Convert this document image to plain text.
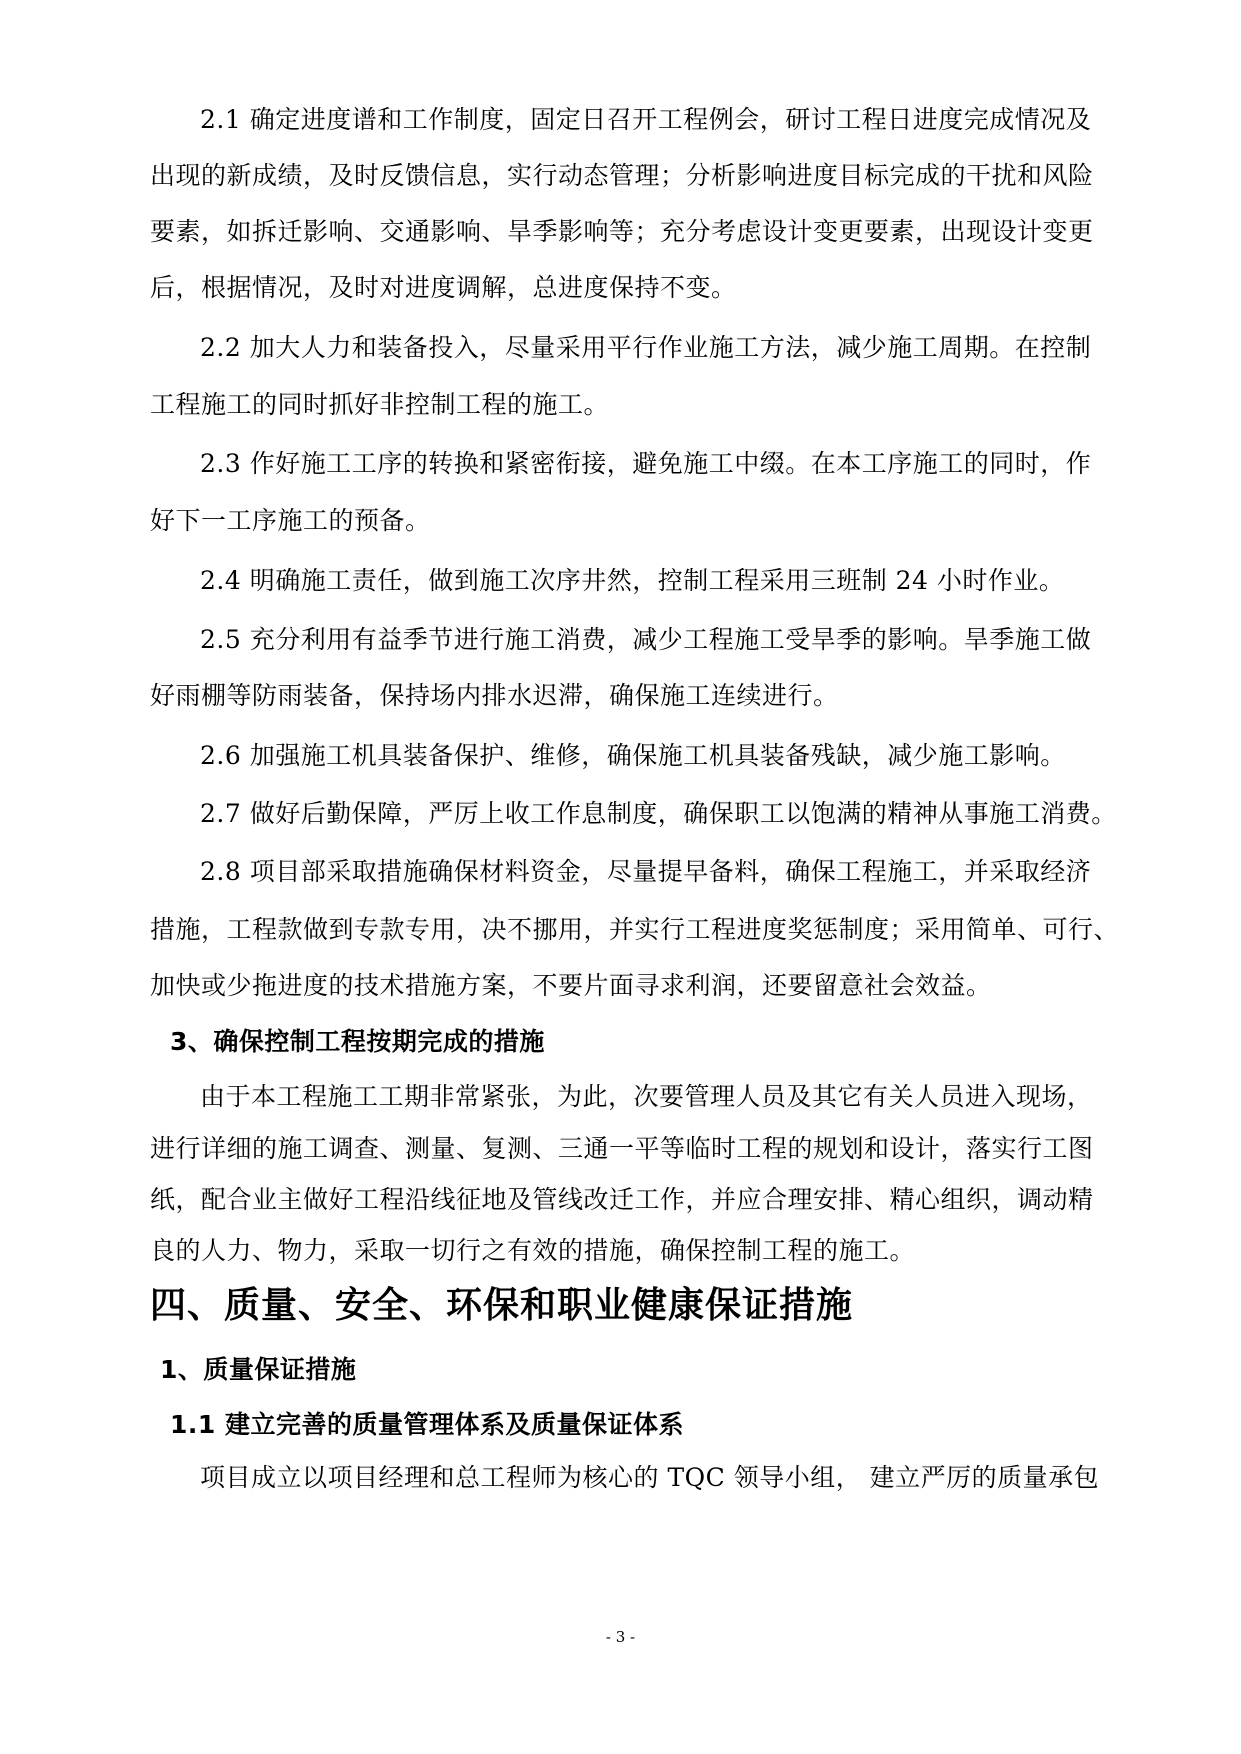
2.1 确定进度谱和工作制度，固定日召开工程例会，研讨工程日进度完成情况及
出现的新成绩，及时反馈信息，实行动态管理；分析影响进度目标完成的干扰和风险
要素，如拆迁影响、交通影响、旱季影响等；充分考虑设计变更要素，出现设计变更
后，根据情况，及时对进度调解，总进度保持不变。
2.2 加大人力和装备投入，尽量采用平行作业施工方法，减少施工周期。在控制
工程施工的同时抓好非控制工程的施工。
2.3 作好施工工序的转换和紧密衔接，避免施工中缀。在本工序施工的同时，作
好下一工序施工的预备。
2.4 明确施工责任，做到施工次序井然，控制工程采用三班制 24 小时作业。
2.5 充分利用有益季节进行施工消费，减少工程施工受旱季的影响。旱季施工做
好雨棚等防雨装备，保持场内排水迟滞，确保施工连续进行。
2.6 加强施工机具装备保护、维修，确保施工机具装备残缺，减少施工影响。
2.7 做好后勤保障，严厉上收工作息制度，确保职工以饱满的精神从事施工消费。
2.8 项目部采取措施确保材料资金，尽量提早备料，确保工程施工，并采取经济
措施，工程款做到专款专用，决不挪用，并实行工程进度奖惩制度；采用简单、可行、
加快或少拖进度的技术措施方案，不要片面寻求利润，还要留意社会效益。
3、确保控制工程按期完成的措施
由于本工程施工工期非常紧张，为此，次要管理人员及其它有关人员进入现场，
进行详细的施工调查、测量、复测、三通一平等临时工程的规划和设计，落实行工图
纸，配合业主做好工程沿线征地及管线改迁工作，并应合理安排、精心组织，调动精
良的人力、物力，采取一切行之有效的措施，确保控制工程的施工。
四、质量、安全、环保和职业健康保证措施
1、质量保证措施
1.1 建立完善的质量管理体系及质量保证体系
项目成立以项目经理和总工程师为核心的 TQC 领导小组， 建立严厉的质量承包
- 3 -
